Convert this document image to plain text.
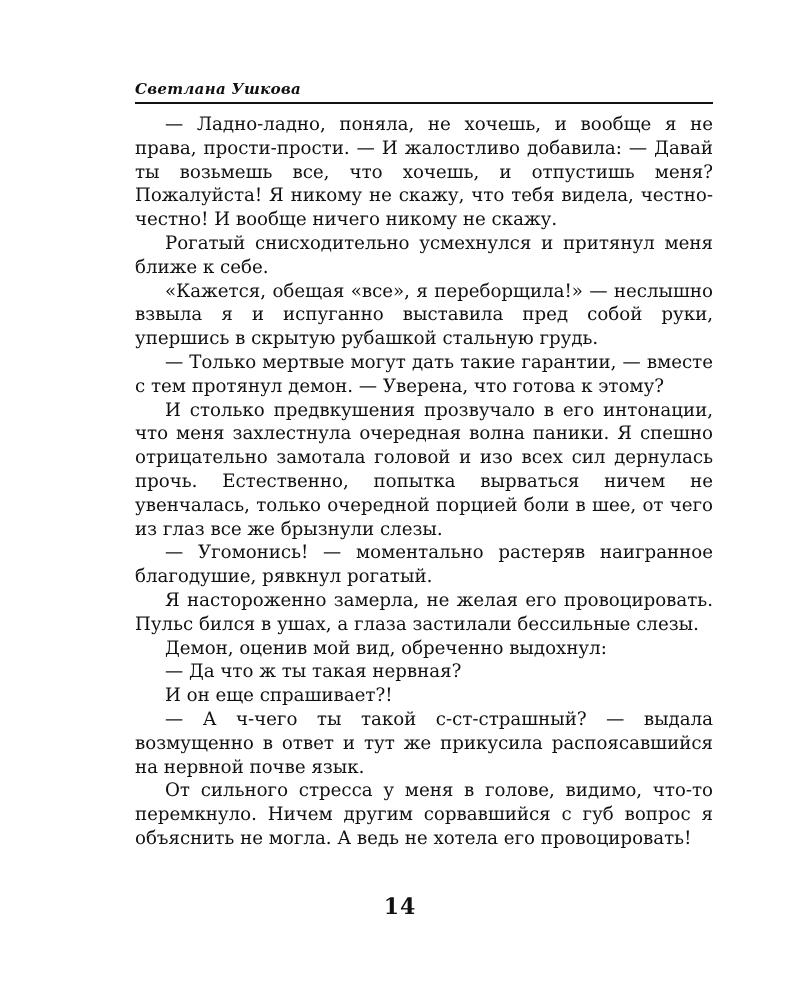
Светлана Ушкова

— Ладно-ладно, поняла, не хочешь, и вообще я не права, прости-прости. — И жалостливо добавила: — Давай ты возьмешь все, что хочешь, и отпустишь меня? Пожалуйста! Я никому не скажу, что тебя видела, честно-честно! И вообще ничего никому не скажу.

Рогатый снисходительно усмехнулся и притянул меня ближе к себе.

«Кажется, обещая «все», я переборщила!» — неслышно взвыла я и испуганно выставила пред собой руки, упершись в скрытую рубашкой стальную грудь.

— Только мертвые могут дать такие гарантии, — вместе с тем протянул демон. — Уверена, что готова к этому?

И столько предвкушения прозвучало в его интонации, что меня захлестнула очередная волна паники. Я спешно отрицательно замотала головой и изо всех сил дернулась прочь. Естественно, попытка вырваться ничем не увенчалась, только очередной порцией боли в шее, от чего из глаз все же брызнули слезы.

— Угомонись! — моментально растеряв наигранное благодушие, рявкнул рогатый.

Я настороженно замерла, не желая его провоцировать. Пульс бился в ушах, а глаза застилали бессильные слезы.

Демон, оценив мой вид, обреченно выдохнул:

— Да что ж ты такая нервная?

И он еще спрашивает?!

— А ч-чего ты такой с-ст-страшный? — выдала возмущенно в ответ и тут же прикусила распоясавшийся на нервной почве язык.

От сильного стресса у меня в голове, видимо, что-то перемкнуло. Ничем другим сорвавшийся с губ вопрос я объяснить не могла. А ведь не хотела его провоцировать!

14
